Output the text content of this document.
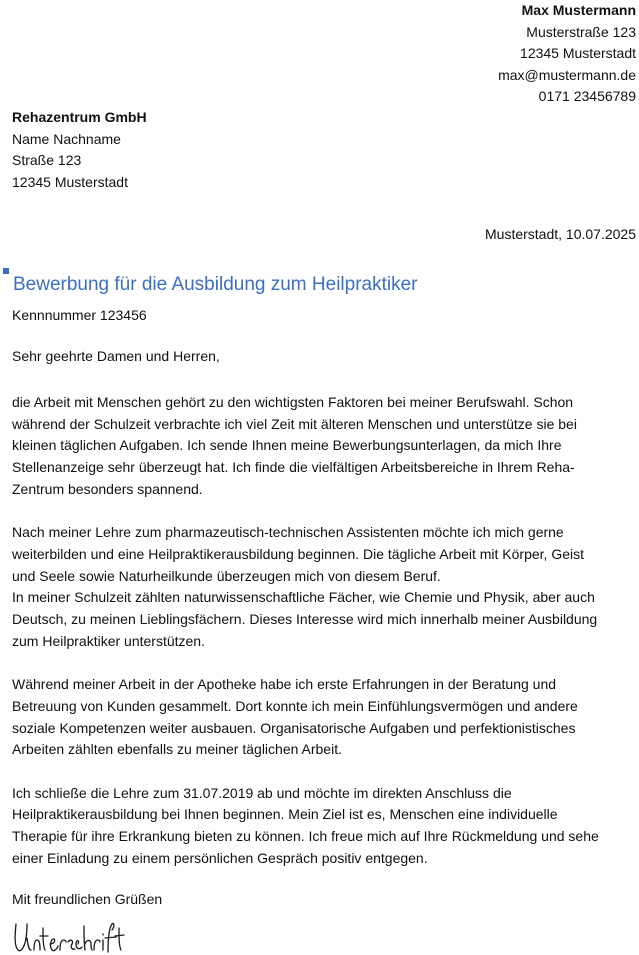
Max Mustermann
Musterstraße 123
12345 Musterstadt
max@mustermann.de
0171 23456789
Rehazentrum GmbH
Name Nachname
Straße 123
12345 Musterstadt
Musterstadt, 10.07.2025
Bewerbung für die Ausbildung zum Heilpraktiker
Kennnummer 123456
Sehr geehrte Damen und Herren,

die Arbeit mit Menschen gehört zu den wichtigsten Faktoren bei meiner Berufswahl. Schon
während der Schulzeit verbrachte ich viel Zeit mit älteren Menschen und unterstütze sie bei
kleinen täglichen Aufgaben. Ich sende Ihnen meine Bewerbungsunterlagen, da mich Ihre
Stellenanzeige sehr überzeugt hat. Ich finde die vielfältigen Arbeitsbereiche in Ihrem Reha-
Zentrum besonders spannend.

Nach meiner Lehre zum pharmazeutisch-technischen Assistenten möchte ich mich gerne
weiterbilden und eine Heilpraktikerausbildung beginnen. Die tägliche Arbeit mit Körper, Geist
und Seele sowie Naturheilkunde überzeugen mich von diesem Beruf.
In meiner Schulzeit zählten naturwissenschaftliche Fächer, wie Chemie und Physik, aber auch
Deutsch, zu meinen Lieblingsfächern. Dieses Interesse wird mich innerhalb meiner Ausbildung
zum Heilpraktiker unterstützen.

Während meiner Arbeit in der Apotheke habe ich erste Erfahrungen in der Beratung und
Betreuung von Kunden gesammelt. Dort konnte ich mein Einfühlungsvermögen und andere
soziale Kompetenzen weiter ausbauen. Organisatorische Aufgaben und perfektionistisches
Arbeiten zählten ebenfalls zu meiner täglichen Arbeit.

Ich schließe die Lehre zum 31.07.2019 ab und möchte im direkten Anschluss die
Heilpraktikerausbildung bei Ihnen beginnen. Mein Ziel ist es, Menschen eine individuelle
Therapie für ihre Erkrankung bieten zu können. Ich freue mich auf Ihre Rückmeldung und sehe
einer Einladung zu einem persönlichen Gespräch positiv entgegen.

Mit freundlichen Grüßen
